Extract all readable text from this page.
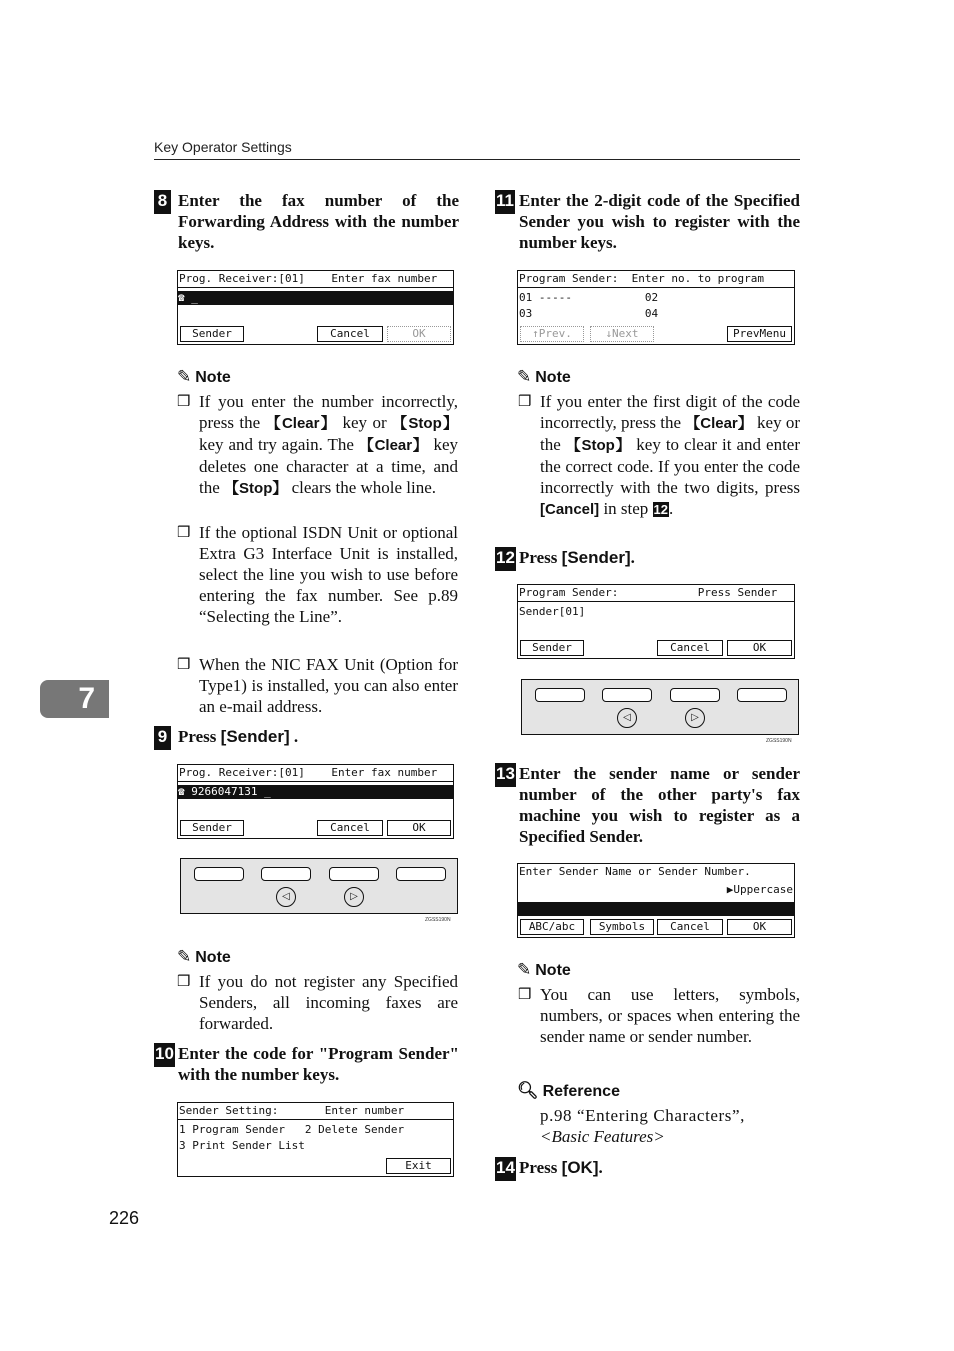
Key Operator Settings
7
226
8 Enter the fax number of the Forwarding Address with the number keys.
Prog. Receiver:[01]    Enter fax number
☎ _
Sender	Cancel	OK
✎ Note
❒ If you enter the number incorrectly, press the 【Clear】 key or 【Stop】 key and try again. The 【Clear】 key deletes one character at a time, and the 【Stop】 clears the whole line.
❒ If the optional ISDN Unit or optional Extra G3 Interface Unit is installed, select the line you wish to use before entering the fax number. See p.89 “Selecting the Line”.
❒ When the NIC FAX Unit (Option for Type1) is installed, you can also enter an e-mail address.
9 Press [Sender] .
Prog. Receiver:[01]    Enter fax number
☎ 9266047131 _
Sender	Cancel	OK
◁	▷
ZGSS190N
✎ Note
❒ If you do not register any Specified Senders, all incoming faxes are forwarded.
10 Enter the code for "Program Sender" with the number keys.
Sender Setting:       Enter number
1 Program Sender   2 Delete Sender
3 Print Sender List
Exit
11 Enter the 2-digit code of the Specified Sender you wish to register with the number keys.
Program Sender:  Enter no. to program
01 -----           02
03                 04
↑Prev.	↓Next	PrevMenu
✎ Note
❒ If you enter the first digit of the code incorrectly, press the 【Clear】 key or the 【Stop】 key to clear it and enter the correct code. If you enter the code incorrectly with the two digits, press [Cancel] in step 12.
12 Press [Sender].
Program Sender:            Press Sender
Sender[01]
Sender	Cancel	OK
◁	▷
ZGSS190N
13 Enter the sender name or sender number of the other party's fax machine you wish to register as a Specified Sender.
Enter Sender Name or Sender Number.
▶Uppercase
ABC/abc	Symbols	Cancel	OK
✎ Note
❒ You can use letters, symbols, numbers, or spaces when entering the sender name or sender number.
🔍︎ Reference
p.98 “Entering Characters”,
<Basic Features>
14 Press [OK].
